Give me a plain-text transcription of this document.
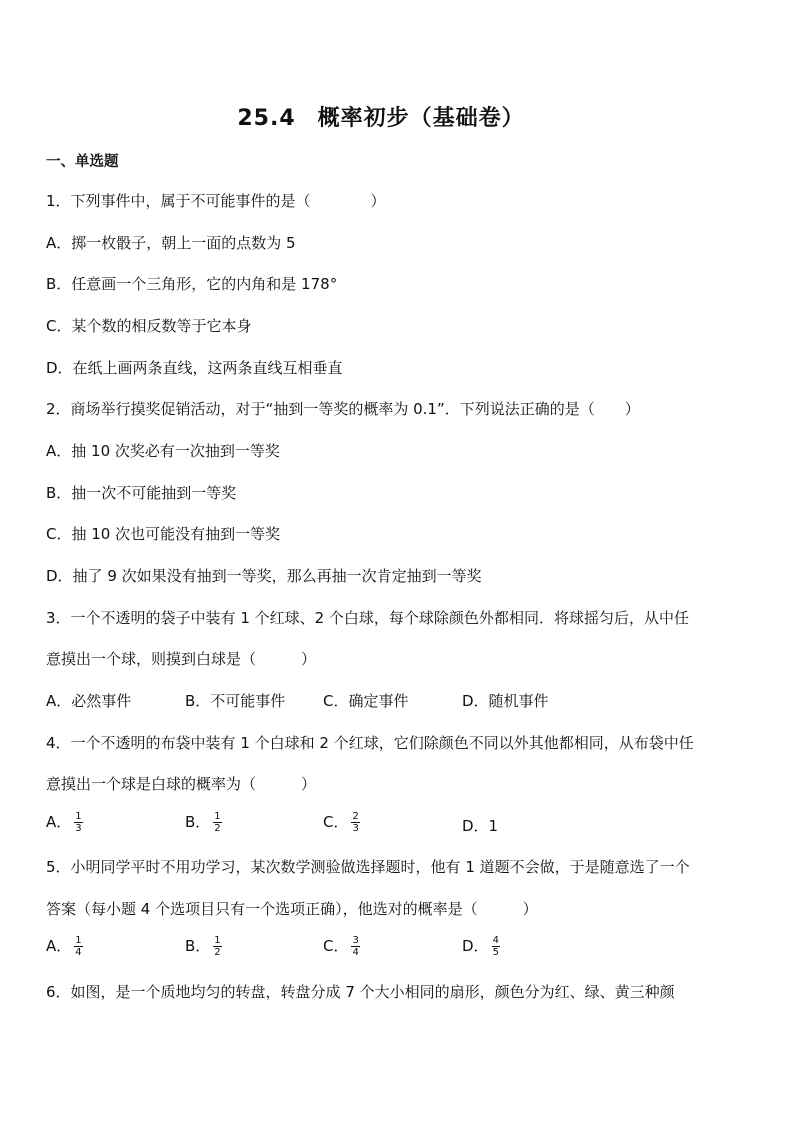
25.4 概率初步（基础卷）
一、单选题
1．下列事件中，属于不可能事件的是（　　　　）
A．掷一枚骰子，朝上一面的点数为 5
B．任意画一个三角形，它的内角和是 178°
C．某个数的相反数等于它本身
D．在纸上画两条直线，这两条直线互相垂直
2．商场举行摸奖促销活动，对于“抽到一等奖的概率为 0.1”．下列说法正确的是（　　）
A．抽 10 次奖必有一次抽到一等奖
B．抽一次不可能抽到一等奖
C．抽 10 次也可能没有抽到一等奖
D．抽了 9 次如果没有抽到一等奖，那么再抽一次肯定抽到一等奖
3．一个不透明的袋子中装有 1 个红球、2 个白球，每个球除颜色外都相同．将球摇匀后，从中任
意摸出一个球，则摸到白球是（　　　）
A．必然事件	B．不可能事件	C．确定事件	D．随机事件
4．一个不透明的布袋中装有 1 个白球和 2 个红球，它们除颜色不同以外其他都相同，从布袋中任
意摸出一个球是白球的概率为（　　　）
A． $\frac{1}{3}$	B． $\frac{1}{2}$	C． $\frac{2}{3}$	D．1
5．小明同学平时不用功学习，某次数学测验做选择题时，他有 1 道题不会做，于是随意选了一个
答案（每小题 4 个选项目只有一个选项正确），他选对的概率是（　　　）
A． $\frac{1}{4}$	B． $\frac{1}{2}$	C． $\frac{3}{4}$	D． $\frac{4}{5}$
6．如图，是一个质地均匀的转盘，转盘分成 7 个大小相同的扇形，颜色分为红、绿、黄三种颜
